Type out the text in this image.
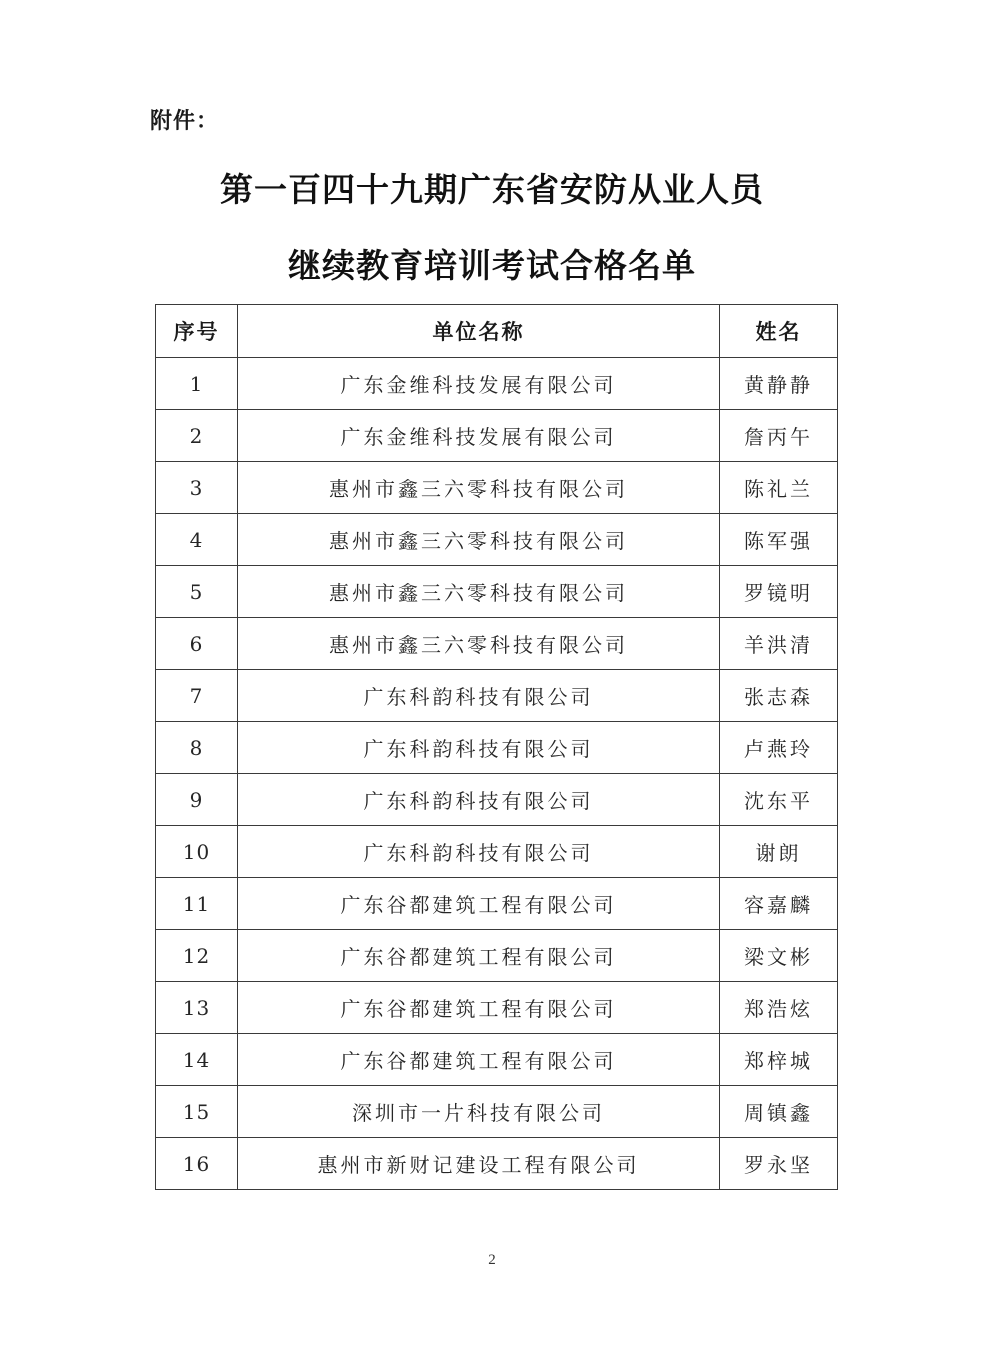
附件：
第一百四十九期广东省安防从业人员
继续教育培训考试合格名单
序号	单位名称	姓名
1	广东金维科技发展有限公司	黄静静
2	广东金维科技发展有限公司	詹丙午
3	惠州市鑫三六零科技有限公司	陈礼兰
4	惠州市鑫三六零科技有限公司	陈军强
5	惠州市鑫三六零科技有限公司	罗镜明
6	惠州市鑫三六零科技有限公司	羊洪清
7	广东科韵科技有限公司	张志森
8	广东科韵科技有限公司	卢燕玲
9	广东科韵科技有限公司	沈东平
10	广东科韵科技有限公司	谢朗
11	广东谷都建筑工程有限公司	容嘉麟
12	广东谷都建筑工程有限公司	梁文彬
13	广东谷都建筑工程有限公司	郑浩炫
14	广东谷都建筑工程有限公司	郑梓城
15	深圳市一片科技有限公司	周镇鑫
16	惠州市新财记建设工程有限公司	罗永坚
2
